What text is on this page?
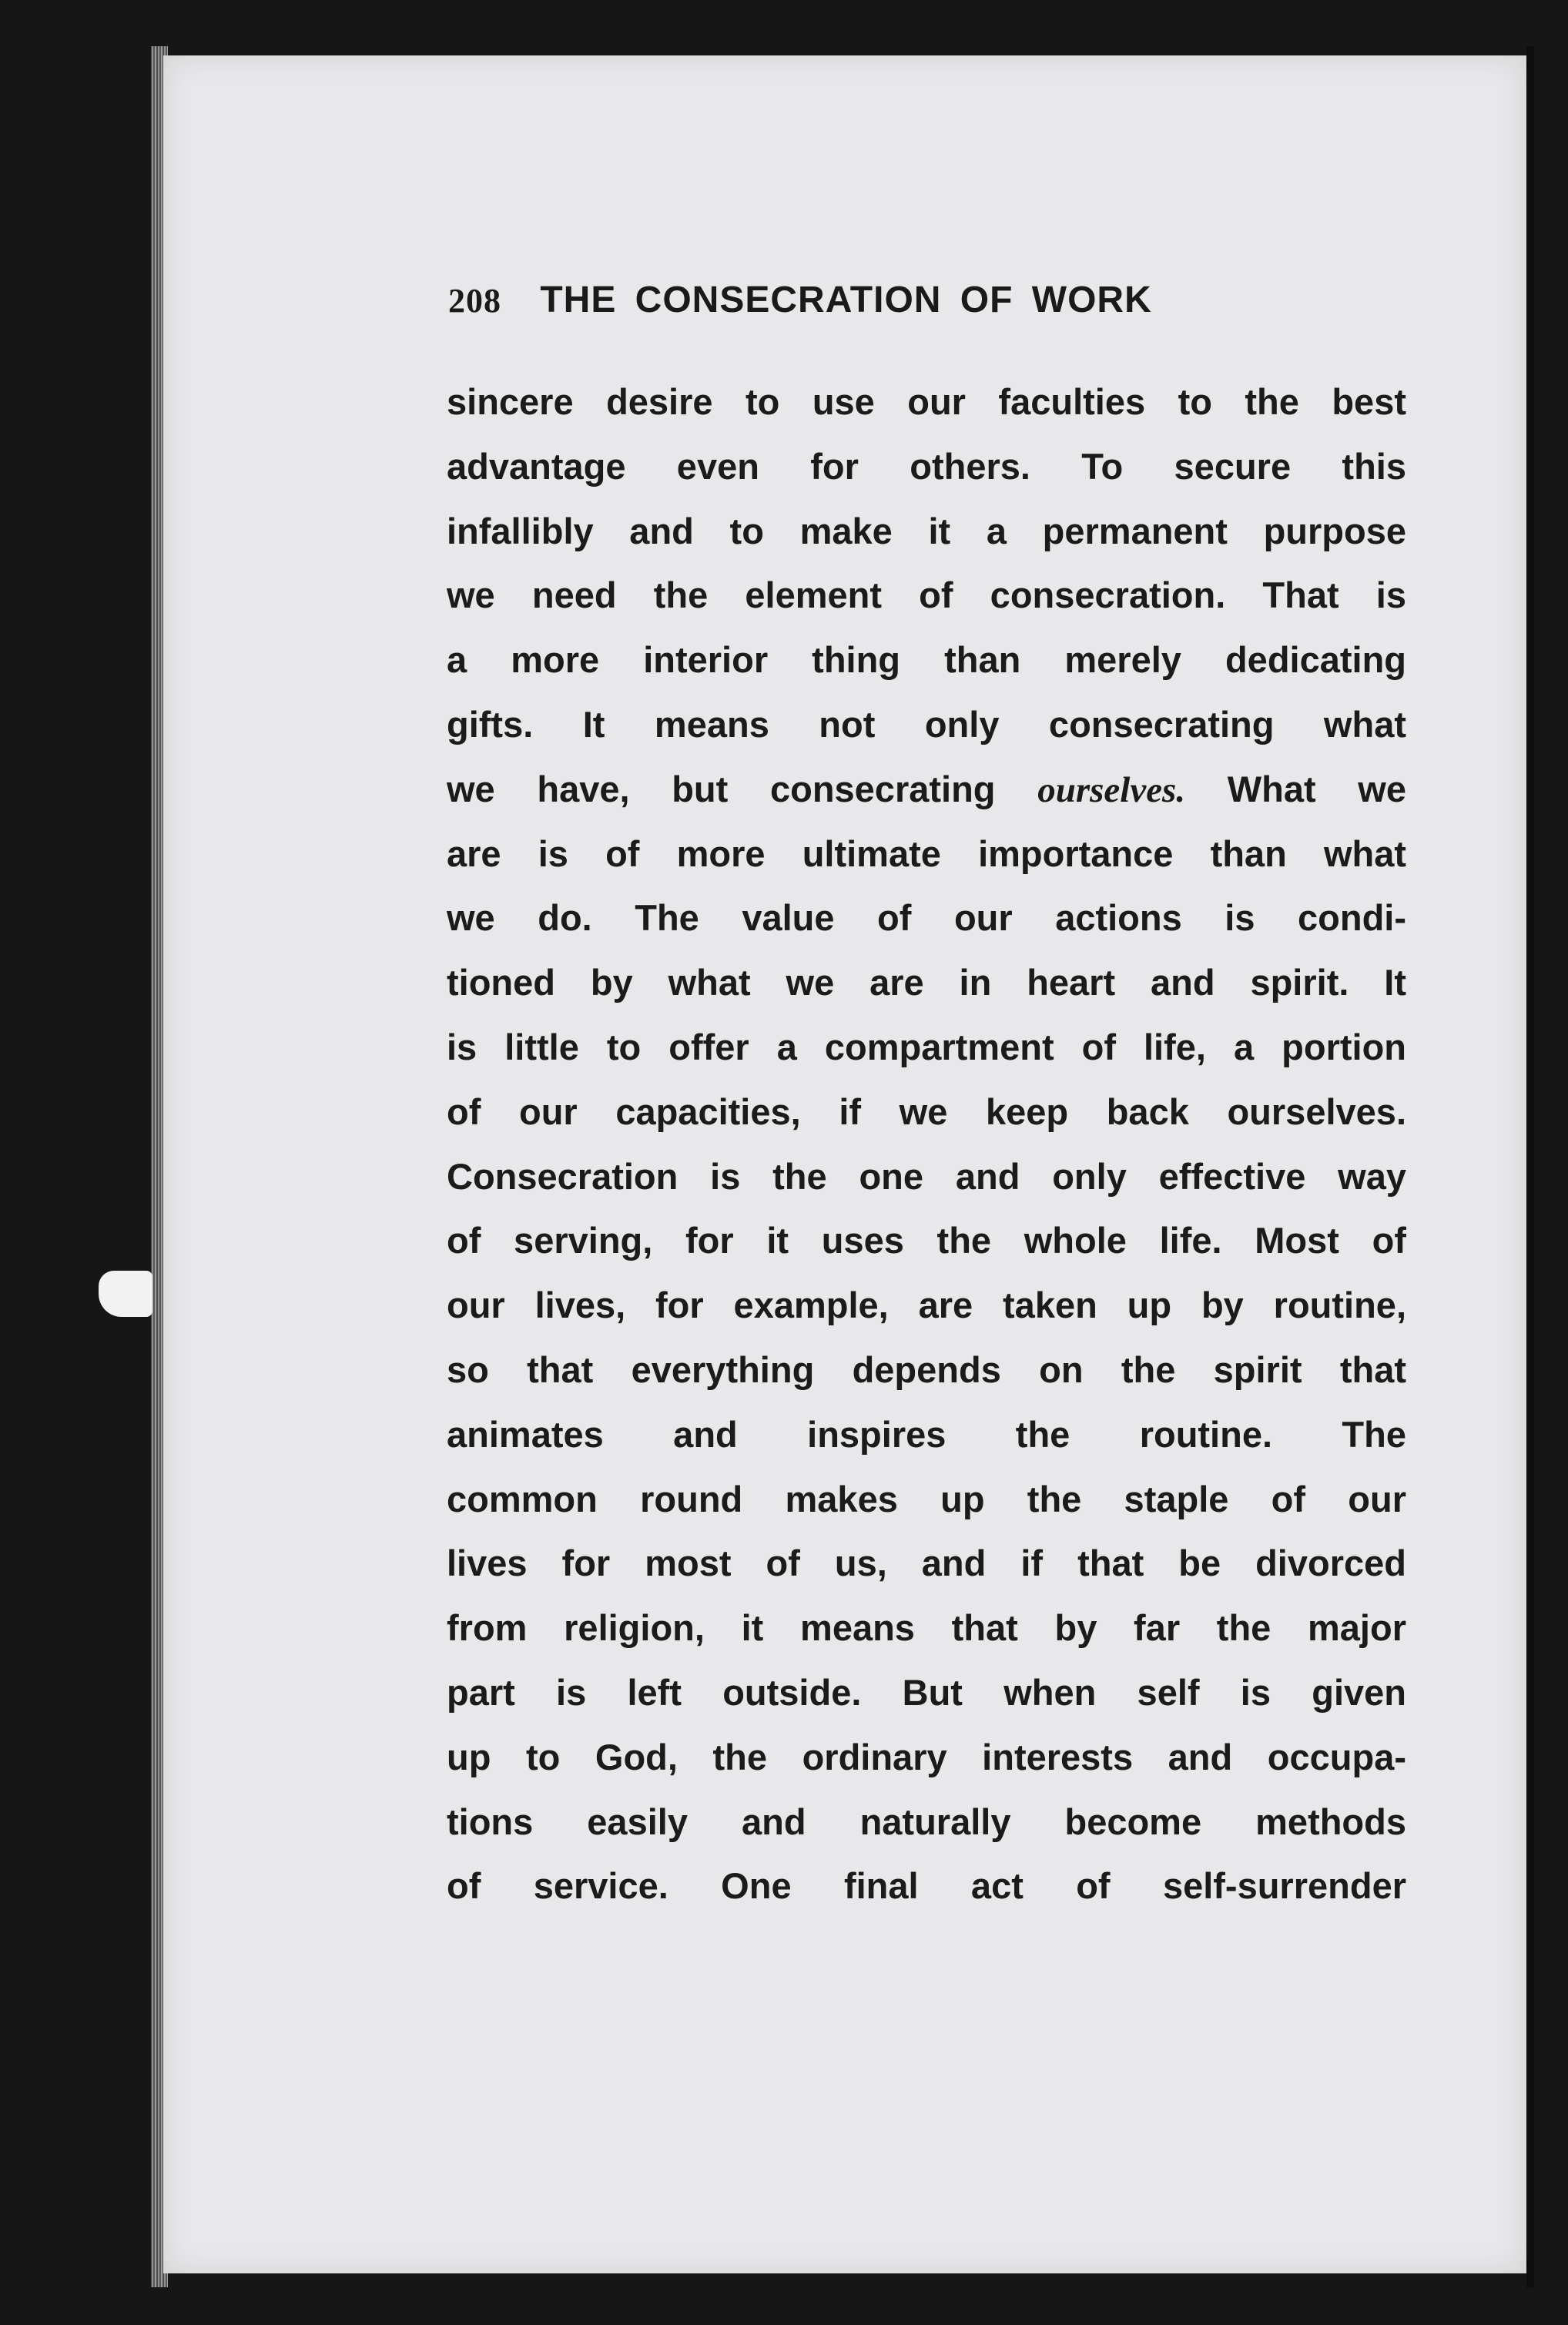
208 THE CONSECRATION OF WORK
sincere desire to use our faculties to the best
advantage even for others. To secure this
infallibly and to make it a permanent purpose
we need the element of consecration. That is
a more interior thing than merely dedicating
gifts. It means not only consecrating what
we have, but consecrating ourselves. What we
are is of more ultimate importance than what
we do. The value of our actions is condi-
tioned by what we are in heart and spirit. It
is little to offer a compartment of life, a portion
of our capacities, if we keep back ourselves.
Consecration is the one and only effective way
of serving, for it uses the whole life. Most of
our lives, for example, are taken up by routine,
so that everything depends on the spirit that
animates and inspires the routine. The
common round makes up the staple of our
lives for most of us, and if that be divorced
from religion, it means that by far the major
part is left outside. But when self is given
up to God, the ordinary interests and occupa-
tions easily and naturally become methods
of service. One final act of self-surrender
